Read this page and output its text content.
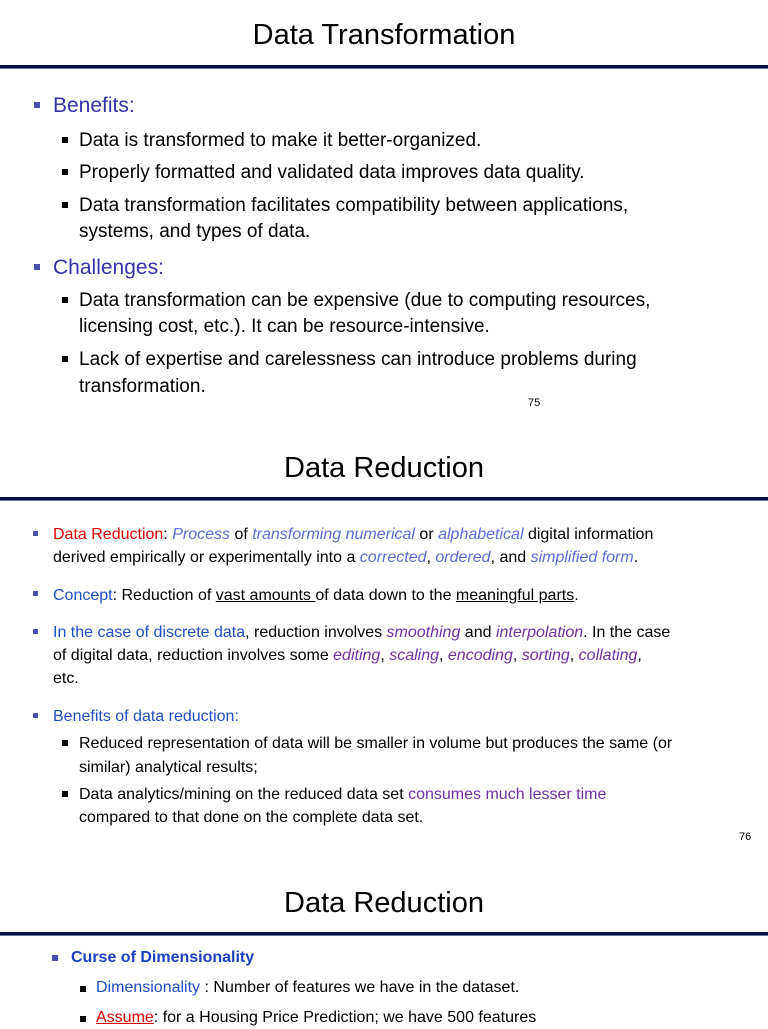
Data Transformation
Benefits:
Data is transformed to make it better-organized.
Properly formatted and validated data improves data quality.
Data transformation facilitates compatibility between applications,
systems, and types of data.
Challenges:
Data transformation can be expensive (due to computing resources,
licensing cost, etc.). It can be resource-intensive.
Lack of expertise and carelessness can introduce problems during
transformation.
75
Data Reduction
Data Reduction: Process of transforming numerical or alphabetical digital information
derived empirically or experimentally into a corrected, ordered, and simplified form.
Concept: Reduction of vast amounts of data down to the meaningful parts.
In the case of discrete data, reduction involves smoothing and interpolation. In the case
of digital data, reduction involves some editing, scaling, encoding, sorting, collating,
etc.
Benefits of data reduction:
Reduced representation of data will be smaller in volume but produces the same (or
similar) analytical results;
Data analytics/mining on the reduced data set consumes much lesser time
compared to that done on the complete data set.
76
Data Reduction
Curse of Dimensionality
Dimensionality : Number of features we have in the dataset.
Assume: for a Housing Price Prediction; we have 500 features
